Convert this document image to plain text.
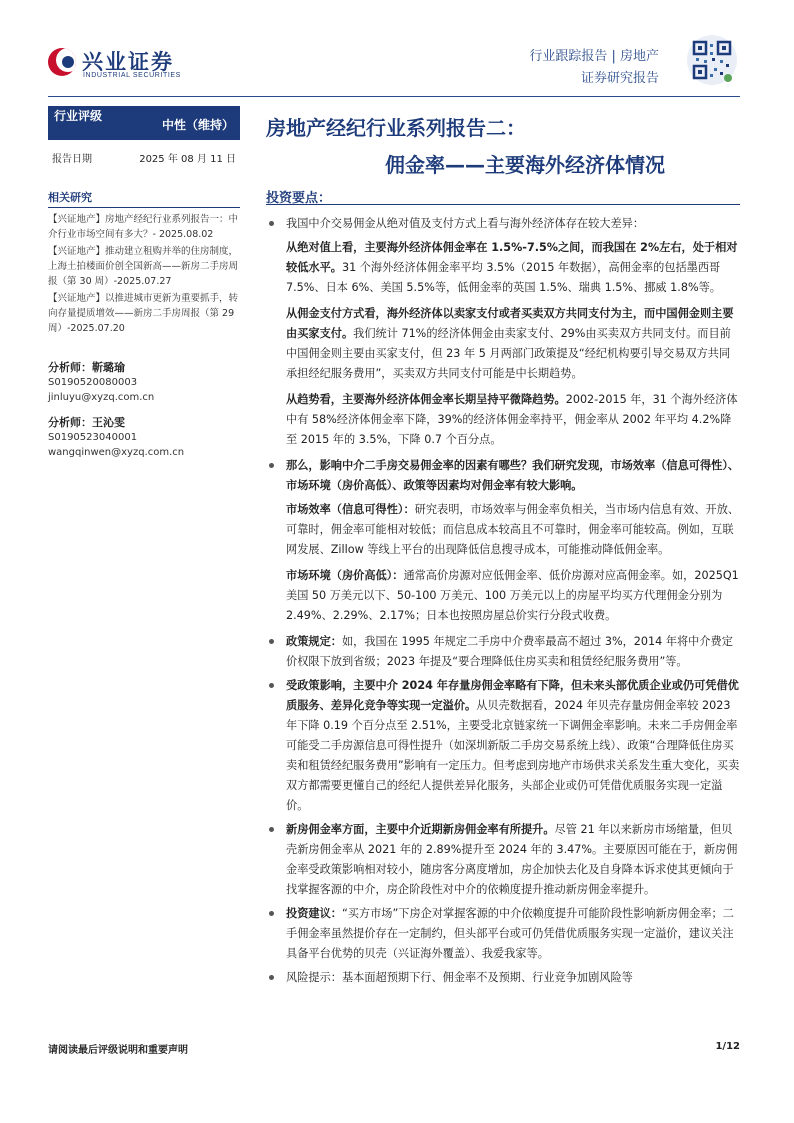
兴业证券
INDUSTRIAL SECURITIES
行业跟踪报告 | 房地产
证券研究报告
行业评级
中性（维持）
报告日期	2025 年 08 月 11 日
相关研究

【兴证地产】房地产经纪行业系列报告一：中介行业市场空间有多大？- 2025.08.02

【兴证地产】推动建立租购并举的住房制度，上海土拍楼面价创全国新高——新房二手房周报（第 30 周）-2025.07.27

【兴证地产】以推进城市更新为重要抓手，转向存量提质增效——新房二手房周报（第 29 周）-2025.07.20

分析师：靳璐瑜
S0190520080003
jinluyu@xyzq.com.cn
分析师：王沁雯
S0190523040001
wangqinwen@xyzq.com.cn
房地产经纪行业系列报告二：
佣金率——主要海外经济体情况
投资要点：
我国中介交易佣金从绝对值及支付方式上看与海外经济体存在较大差异：
从绝对值上看，主要海外经济体佣金率在 1.5%-7.5%之间，而我国在 2%左右，处于相对较低水平。31 个海外经济体佣金率平均 3.5%（2015 年数据），高佣金率的包括墨西哥 7.5%、日本 6%、美国 5.5%等，低佣金率的英国 1.5%、瑞典 1.5%、挪威 1.8%等。
从佣金支付方式看，海外经济体以卖家支付或者买卖双方共同支付为主，而中国佣金则主要由买家支付。我们统计 71%的经济体佣金由卖家支付、29%由买卖双方共同支付。而目前中国佣金则主要由买家支付，但 23 年 5 月两部门政策提及“经纪机构要引导交易双方共同承担经纪服务费用”，买卖双方共同支付可能是中长期趋势。
从趋势看，主要海外经济体佣金率长期呈持平微降趋势。2002-2015 年，31 个海外经济体中有 58%经济体佣金率下降，39%的经济体佣金率持平，佣金率从 2002 年平均 4.2%降至 2015 年的 3.5%，下降 0.7 个百分点。
那么，影响中介二手房交易佣金率的因素有哪些？我们研究发现，市场效率（信息可得性）、市场环境（房价高低）、政策等因素均对佣金率有较大影响。
市场效率（信息可得性）：研究表明，市场效率与佣金率负相关，当市场内信息有效、开放、可靠时，佣金率可能相对较低；而信息成本较高且不可靠时，佣金率可能较高。例如，互联网发展、Zillow 等线上平台的出现降低信息搜寻成本，可能推动降低佣金率。
市场环境（房价高低）：通常高价房源对应低佣金率、低价房源对应高佣金率。如，2025Q1 美国 50 万美元以下、50-100 万美元、100 万美元以上的房屋平均买方代理佣金分别为 2.49%、2.29%、2.17%；日本也按照房屋总价实行分段式收费。
政策规定：如，我国在 1995 年规定二手房中介费率最高不超过 3%，2014 年将中介费定价权限下放到省级；2023 年提及“要合理降低住房买卖和租赁经纪服务费用”等。
受政策影响，主要中介 2024 年存量房佣金率略有下降，但未来头部优质企业或仍可凭借优质服务、差异化竞争等实现一定溢价。从贝壳数据看，2024 年贝壳存量房佣金率较 2023 年下降 0.19 个百分点至 2.51%，主要受北京链家统一下调佣金率影响。未来二手房佣金率可能受二手房源信息可得性提升（如深圳新版二手房交易系统上线）、政策“合理降低住房买卖和租赁经纪服务费用”影响有一定压力。但考虑到房地产市场供求关系发生重大变化，买卖双方都需要更懂自己的经纪人提供差异化服务，头部企业或仍可凭借优质服务实现一定溢价。
新房佣金率方面，主要中介近期新房佣金率有所提升。尽管 21 年以来新房市场缩量，但贝壳新房佣金率从 2021 年的 2.89%提升至 2024 年的 3.47%。主要原因可能在于，新房佣金率受政策影响相对较小，随房客分离度增加，房企加快去化及自身降本诉求使其更倾向于找掌握客源的中介，房企阶段性对中介的依赖度提升推动新房佣金率提升。
投资建议：“买方市场”下房企对掌握客源的中介依赖度提升可能阶段性影响新房佣金率；二手佣金率虽然提价存在一定制约，但头部平台或可仍凭借优质服务实现一定溢价，建议关注具备平台优势的贝壳（兴证海外覆盖）、我爱我家等。
风险提示：基本面超预期下行、佣金率不及预期、行业竞争加剧风险等
请阅读最后评级说明和重要声明	1/12
